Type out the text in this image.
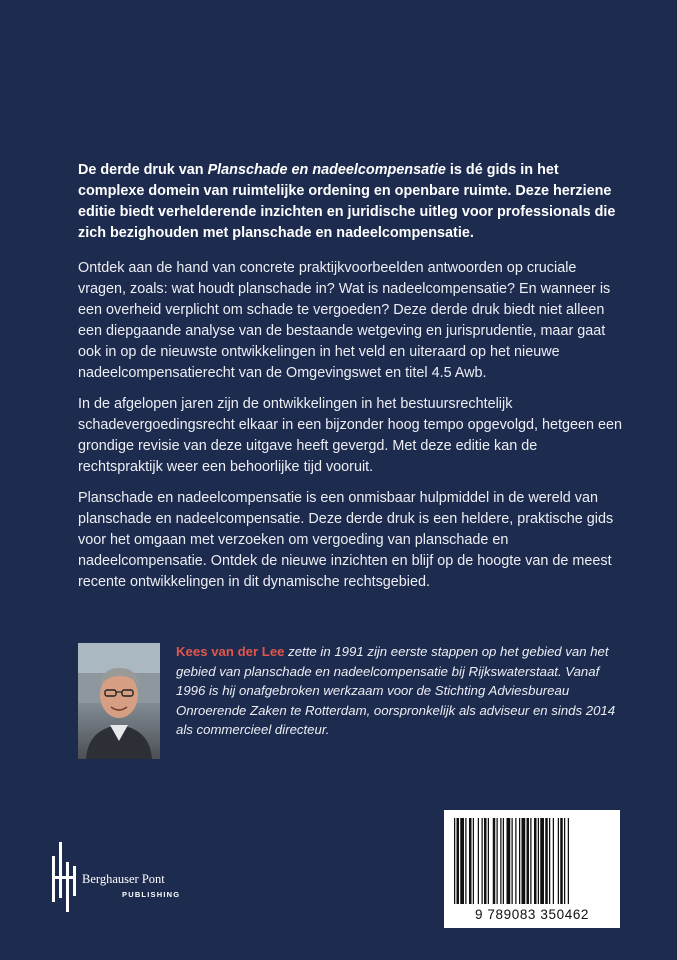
De derde druk van Planschade en nadeelcompensatie is dé gids in het complexe domein van ruimtelijke ordening en openbare ruimte. Deze herziene editie biedt verhelderende inzichten en juridische uitleg voor professionals die zich bezighouden met planschade en nadeelcompensatie.
Ontdek aan de hand van concrete praktijkvoorbeelden antwoorden op cruciale vragen, zoals: wat houdt planschade in? Wat is nadeelcompensatie? En wanneer is een overheid verplicht om schade te vergoeden? Deze derde druk biedt niet alleen een diepgaande analyse van de bestaande wetgeving en jurisprudentie, maar gaat ook in op de nieuwste ontwikkelingen in het veld en uiteraard op het nieuwe nadeelcompensatierecht van de Omgevingswet en titel 4.5 Awb.
In de afgelopen jaren zijn de ontwikkelingen in het bestuursrechtelijk schadevergoedingsrecht elkaar in een bijzonder hoog tempo opgevolgd, hetgeen een grondige revisie van deze uitgave heeft gevergd. Met deze editie kan de rechtspraktijk weer een behoorlijke tijd vooruit.
Planschade en nadeelcompensatie is een onmisbaar hulpmiddel in de wereld van planschade en nadeelcompensatie. Deze derde druk is een heldere, praktische gids voor het omgaan met verzoeken om vergoeding van planschade en nadeelcompensatie. Ontdek de nieuwe inzichten en blijf op de hoogte van de meest recente ontwikkelingen in dit dynamische rechtsgebied.
Kees van der Lee zette in 1991 zijn eerste stappen op het gebied van het gebied van planschade en nadeelcompensatie bij Rijkswaterstaat. Vanaf 1996 is hij onafgebroken werkzaam voor de Stichting Adviesbureau Onroerende Zaken te Rotterdam, oorspronkelijk als adviseur en sinds 2014 als commercieel directeur.
Berghauser Pont
PUBLISHING
9 789083 350462
